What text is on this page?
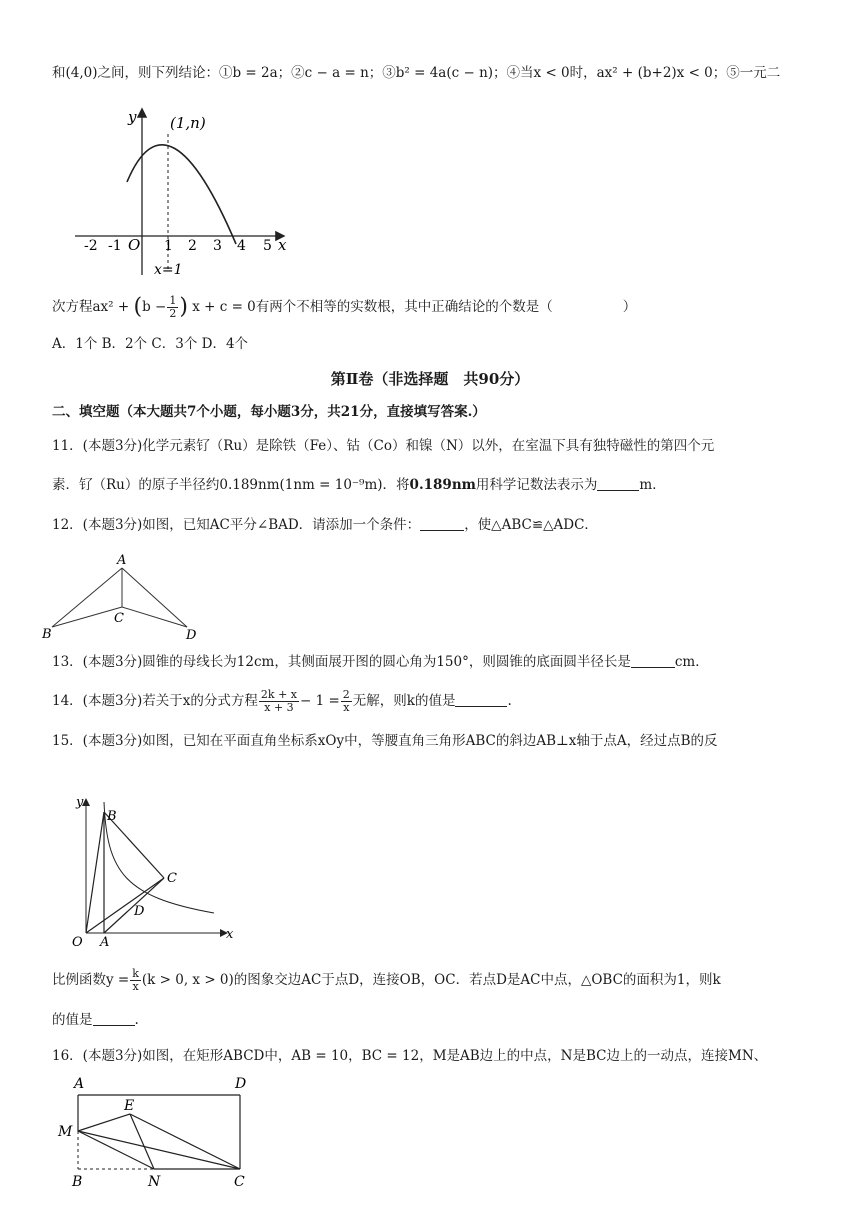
和(4,0)之间，则下列结论：①b = 2a；②c − a = n；③b² = 4a(c − n)；④当x < 0时，ax² + (b+2)x < 0；⑤一元二
-2 -1 O 1 2 3 4 5 x
y (1,n)
x=1
次方程$ax^2 + (b - \frac{1}{2}$ ) x + c = 0有两个不相等的实数根，其中正确结论的个数是（	）
A．1个 B．2个 C．3个 D．4个
第Ⅱ卷（非选择题　共90分）
二、填空题（本大题共7个小题，每小题3分，共21分，直接填写答案.）
11．(本题3分)化学元素钌（Ru）是除铁（Fe）、钴（Co）和镍（N）以外，在室温下具有独特磁性的第四个元
素．钌（Ru）的原子半径约0.189nm(1nm = 10⁻⁹m)．将0.189nm用科学记数法表示为	m．
12．(本题3分)如图，已知AC平分∠BAD．请添加一个条件：	，使△ABC≌△ADC．
A
B
C
D
13．(本题3分)圆锥的母线长为12cm，其侧面展开图的圆心角为150°，则圆锥的底面圆半径长是	cm．
14．(本题3分)若关于x的分式方程 $\frac{2k + x}{x + 3} - 1 = \frac{2}{x}$ 无解，则k的值是	.
15．(本题3分)如图，已知在平面直角坐标系xOy中，等腰直角三角形ABC的斜边AB⊥x轴于点A，经过点B的反
y
x
O A
B
C
D
比例函数$y = \frac{k}{x} (k > 0$, x > 0)的图象交边AC于点D，连接OB，OC．若点D是AC中点，△OBC的面积为1，则k
的值是	.
16．(本题3分)如图，在矩形ABCD中，AB = 10，BC = 12，M是AB边上的中点，N是BC边上的一动点，连接MN、
A	D
E
M
B	N	C
